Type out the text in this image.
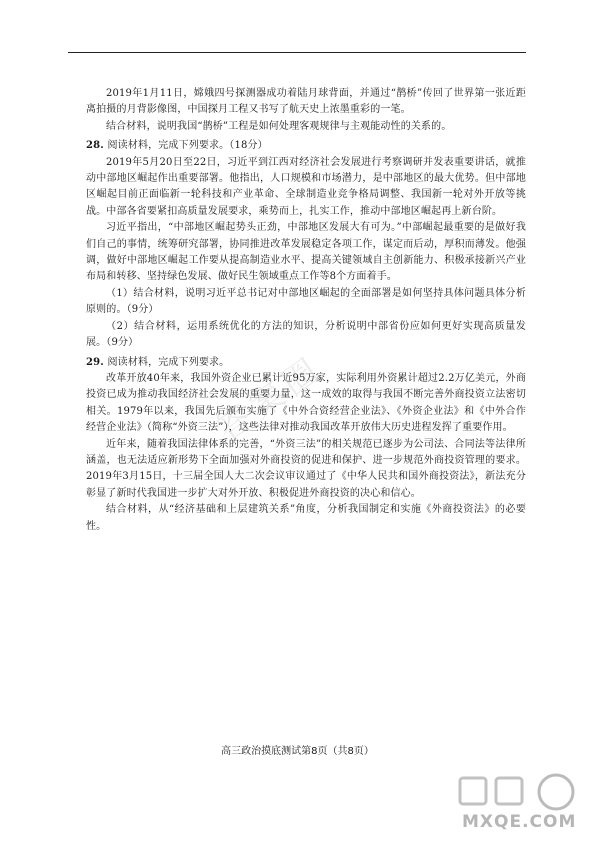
2019年1月11日，嫦娥四号探测器成功着陆月球背面，并通过“鹊桥”传回了世界第一张近距离拍摄的月背影像图，中国探月工程又书写了航天史上浓墨重彩的一笔。

结合材料，说明我国“鹊桥”工程是如何处理客观规律与主观能动性的关系的。

28. 阅读材料，完成下列要求。（18分）

2019年5月20日至22日，习近平到江西对经济社会发展进行考察调研并发表重要讲话，就推动中部地区崛起作出重要部署。他指出，人口规模和市场潜力，是中部地区的最大优势。但中部地区崛起目前正面临新一轮科技和产业革命、全球制造业竞争格局调整、我国新一轮对外开放等挑战。中部各省要紧扣高质量发展要求，乘势而上，扎实工作，推动中部地区崛起再上新台阶。

习近平指出，“中部地区崛起势头正劲，中部地区发展大有可为。”中部崛起最重要的是做好我们自己的事情，统筹研究部署，协同推进改革发展稳定各项工作，谋定而后动，厚积而薄发。他强调，做好中部地区崛起工作要从提高制造业水平、提高关键领域自主创新能力、积极承接新兴产业布局和转移、坚持绿色发展、做好民生领域重点工作等8个方面着手。

（1）结合材料，说明习近平总书记对中部地区崛起的全面部署是如何坚持具体问题具体分析原则的。（9分）

（2）结合材料，运用系统优化的方法的知识，分析说明中部省份应如何更好实现高质量发展。（9分）

29. 阅读材料，完成下列要求。

改革开放40年来，我国外资企业已累计近95万家，实际利用外资累计超过2.2万亿美元，外商投资已成为推动我国经济社会发展的重要力量，这一成效的取得与我国不断完善外商投资立法密切相关。1979年以来，我国先后颁布实施了《中外合资经营企业法》、《外资企业法》和《中外合作经营企业法》（简称“外资三法”），这些法律对推动我国改革开放伟大历史进程发挥了重要作用。

近年来，随着我国法律体系的完善，“外资三法”的相关规范已逐步为公司法、合同法等法律所涵盖，也无法适应新形势下全面加强对外商投资的促进和保护、进一步规范外商投资管理的要求。2019年3月15日，十三届全国人大二次会议审议通过了《中华人民共和国外商投资法》，新法充分彰显了新时代我国进一步扩大对外开放、积极促进外商投资的决心和信心。

结合材料，从“经济基础和上层建筑关系”角度，分析我国制定和实施《外商投资法》的必要性。

答案圈
高三政治摸底测试第8页（共8页）
MXQE.COM
